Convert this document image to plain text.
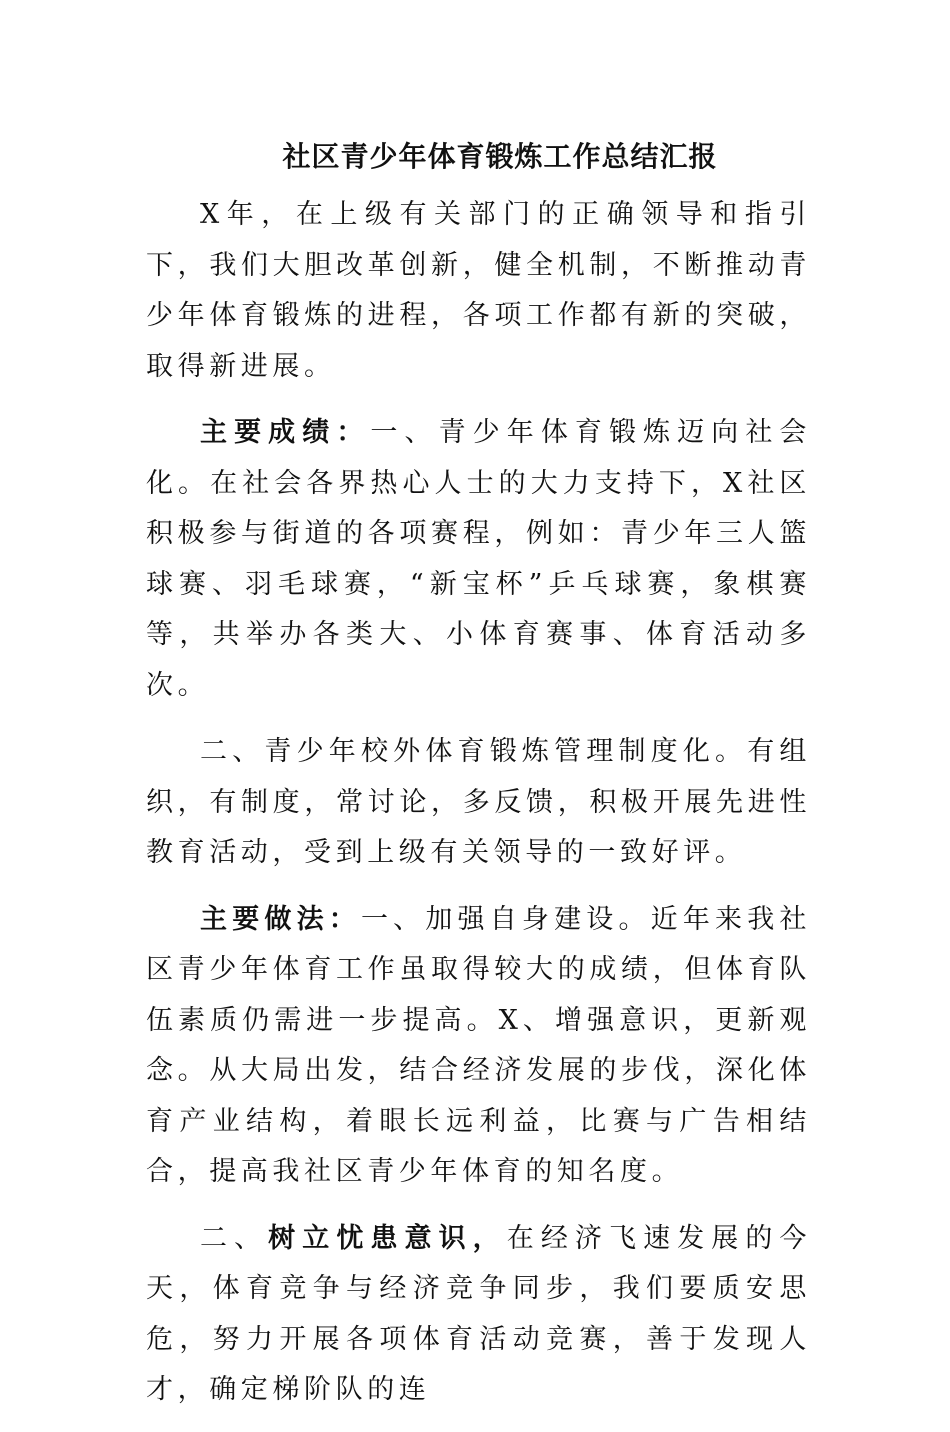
社区青少年体育锻炼工作总结汇报

X年，在上级有关部门的正确领导和指引下，我们大胆改革创新，健全机制，不断推动青少年体育锻炼的进程，各项工作都有新的突破，取得新进展。

主要成绩：一、青少年体育锻炼迈向社会化。在社会各界热心人士的大力支持下，X社区积极参与街道的各项赛程，例如：青少年三人篮球赛、羽毛球赛，“新宝杯”乒乓球赛，象棋赛等，共举办各类大、小体育赛事、体育活动多次。

二、青少年校外体育锻炼管理制度化。有组织，有制度，常讨论，多反馈，积极开展先进性教育活动，受到上级有关领导的一致好评。

主要做法：一、加强自身建设。近年来我社区青少年体育工作虽取得较大的成绩，但体育队伍素质仍需进一步提高。X、增强意识，更新观念。从大局出发，结合经济发展的步伐，深化体育产业结构，着眼长远利益，比赛与广告相结合，提高我社区青少年体育的知名度。

二、树立忧患意识，在经济飞速发展的今天，体育竞争与经济竞争同步，我们要质安思危，努力开展各项体育活动竞赛，善于发现人才，确定梯阶队的连
